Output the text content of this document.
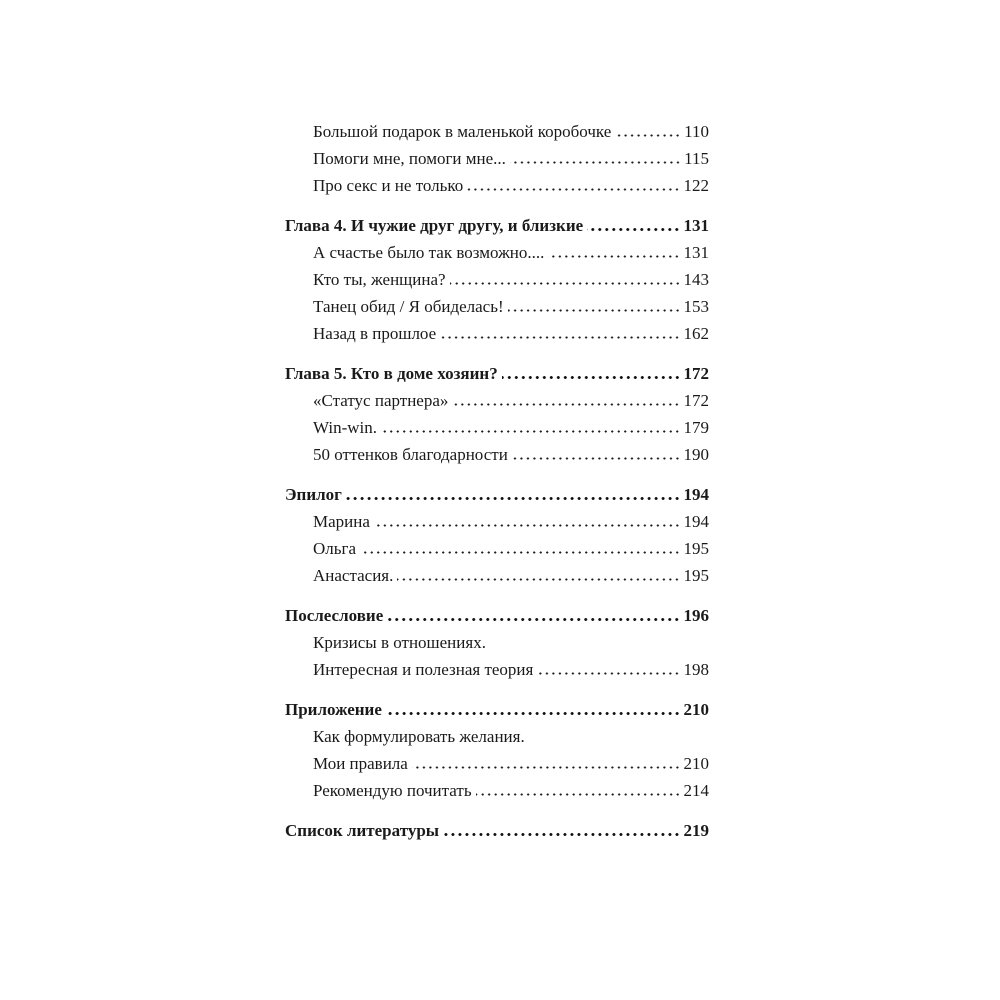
Большой подарок в маленькой коробочке	110
Помоги мне, помоги мне...	115
Про секс и не только	122
Глава 4. И чужие друг другу, и близкие	131
А счастье было так возможно....	131
Кто ты, женщина?	143
Танец обид / Я обиделась!	153
Назад в прошлое	162
Глава 5. Кто в доме хозяин?	172
«Статус партнера»	172
Win-win.	179
50 оттенков благодарности	190
Эпилог	194
Марина	194
Ольга	195
Анастасия.	195
Послесловие	196
Кризисы в отношениях.
Интересная и полезная теория	198
Приложение	210
Как формулировать желания.
Мои правила	210
Рекомендую почитать	214
Список литературы	219
